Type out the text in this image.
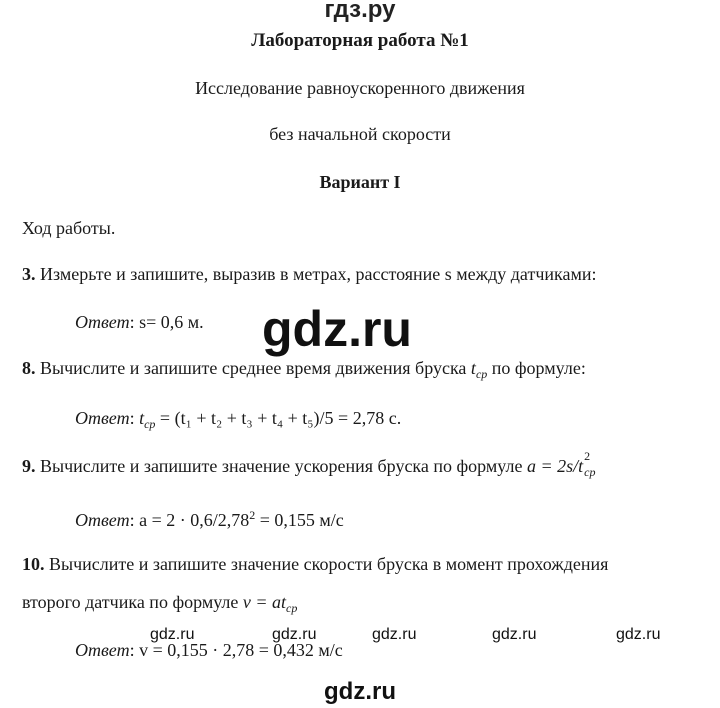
гдз.ру
Лабораторная работа №1
Исследование равноускоренного движения
без начальной скорости
Вариант I
Ход работы.
3. Измерьте и запишите, выразив в метрах, расстояние s между датчиками:
Ответ: s= 0,6 м. gdz.ru
8. Вычислите и запишите среднее время движения бруска $t_{ср}$ по формуле:
Ответ: $t_{ср} = (t_1 + t_2 + t_3 + t_4 + t_5)/5 = 2,78$ с.
9. Вычислите и запишите значение ускорения бруска по формуле a = 2s/t 2
ср
Ответ: $a = 2 \cdot 0,6/2,78^2 = 0,155$ м/с
10. Вычислите и запишите значение скорости бруска в момент прохождения
второго датчика по формуле $v = at_{ср}$
gdz.ru	gdz.ru	gdz.ru	gdz.ru	gdz.ru
Ответ: v = 0,155 · 2,78 = 0,432 м/с
gdz.ru
